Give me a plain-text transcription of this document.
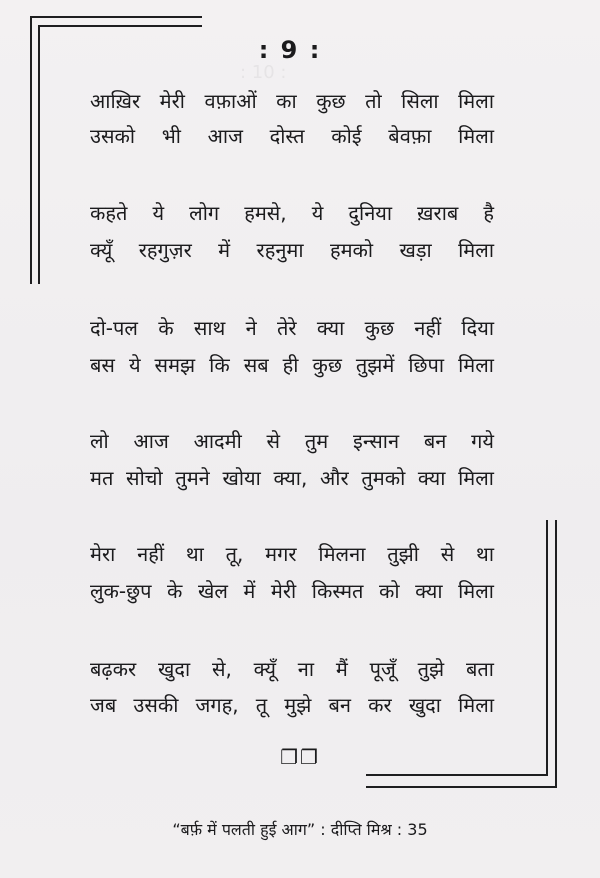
: 10 :
: 9 :
आख़िर मेरी वफ़ाओं का कुछ तो सिला मिला
उसको भी आज दोस्त कोई बेवफ़ा मिला
कहते ये लोग हमसे, ये दुनिया ख़राब है
क्यूँ रहगुज़र में रहनुमा हमको खड़ा मिला
दो-पल के साथ ने तेरे क्या कुछ नहीं दिया
बस ये समझ कि सब ही कुछ तुझमें छिपा मिला
लो आज आदमी से तुम इन्सान बन गये
मत सोचो तुमने खोया क्या, और तुमको क्या मिला
मेरा नहीं था तू, मगर मिलना तुझी से था
लुक-छुप के खेल में मेरी किस्मत को क्या मिला
बढ़कर खुदा से, क्यूँ ना मैं पूजूँ तुझे बता
जब उसकी जगह, तू मुझे बन कर खुदा मिला
❐❐
“बर्फ़ में पलती हुई आग” : दीप्ति मिश्र : 35
